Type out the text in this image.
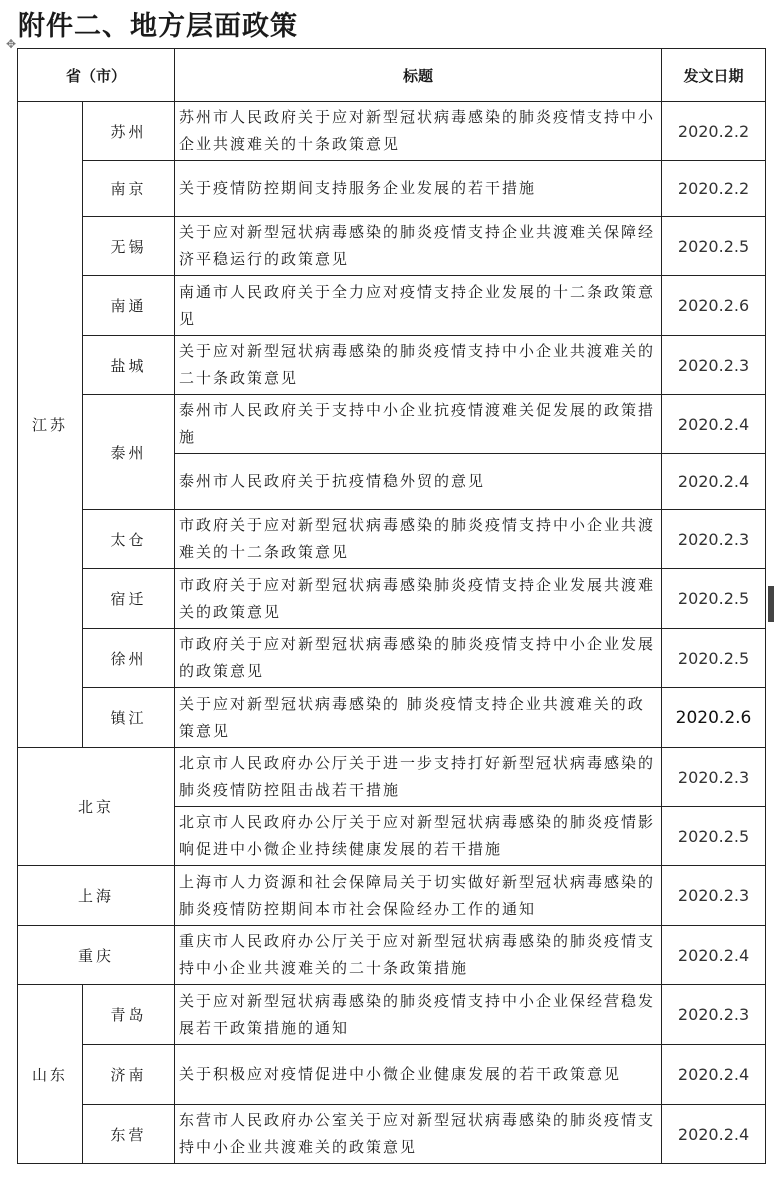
附件二、地方层面政策
✥
省（市）		标题	发文日期
江苏	苏州	苏州市人民政府关于应对新型冠状病毒感染的肺炎疫情支持中小企业共渡难关的十条政策意见	2020.2.2
	南京	关于疫情防控期间支持服务企业发展的若干措施	2020.2.2
	无锡	关于应对新型冠状病毒感染的肺炎疫情支持企业共渡难关保障经济平稳运行的政策意见	2020.2.5
	南通	南通市人民政府关于全力应对疫情支持企业发展的十二条政策意见	2020.2.6
	盐城	关于应对新型冠状病毒感染的肺炎疫情支持中小企业共渡难关的二十条政策意见	2020.2.3
	泰州	泰州市人民政府关于支持中小企业抗疫情渡难关促发展的政策措施	2020.2.4
		泰州市人民政府关于抗疫情稳外贸的意见	2020.2.4
	太仓	市政府关于应对新型冠状病毒感染的肺炎疫情支持中小企业共渡难关的十二条政策意见	2020.2.3
	宿迁	市政府关于应对新型冠状病毒感染肺炎疫情支持企业发展共渡难关的政策意见	2020.2.5
	徐州	市政府关于应对新型冠状病毒感染的肺炎疫情支持中小企业发展的政策意见	2020.2.5
	镇江	关于应对新型冠状病毒感染的 肺炎疫情支持企业共渡难关的政策意见	2020.2.6
北京		北京市人民政府办公厅关于进一步支持打好新型冠状病毒感染的肺炎疫情防控阻击战若干措施	2020.2.3
		北京市人民政府办公厅关于应对新型冠状病毒感染的肺炎疫情影响促进中小微企业持续健康发展的若干措施	2020.2.5
上海		上海市人力资源和社会保障局关于切实做好新型冠状病毒感染的肺炎疫情防控期间本市社会保险经办工作的通知	2020.2.3
重庆		重庆市人民政府办公厅关于应对新型冠状病毒感染的肺炎疫情支持中小企业共渡难关的二十条政策措施	2020.2.4
山东	青岛	关于应对新型冠状病毒感染的肺炎疫情支持中小企业保经营稳发展若干政策措施的通知	2020.2.3
	济南	关于积极应对疫情促进中小微企业健康发展的若干政策意见	2020.2.4
	东营	东营市人民政府办公室关于应对新型冠状病毒感染的肺炎疫情支持中小企业共渡难关的政策意见	2020.2.4
